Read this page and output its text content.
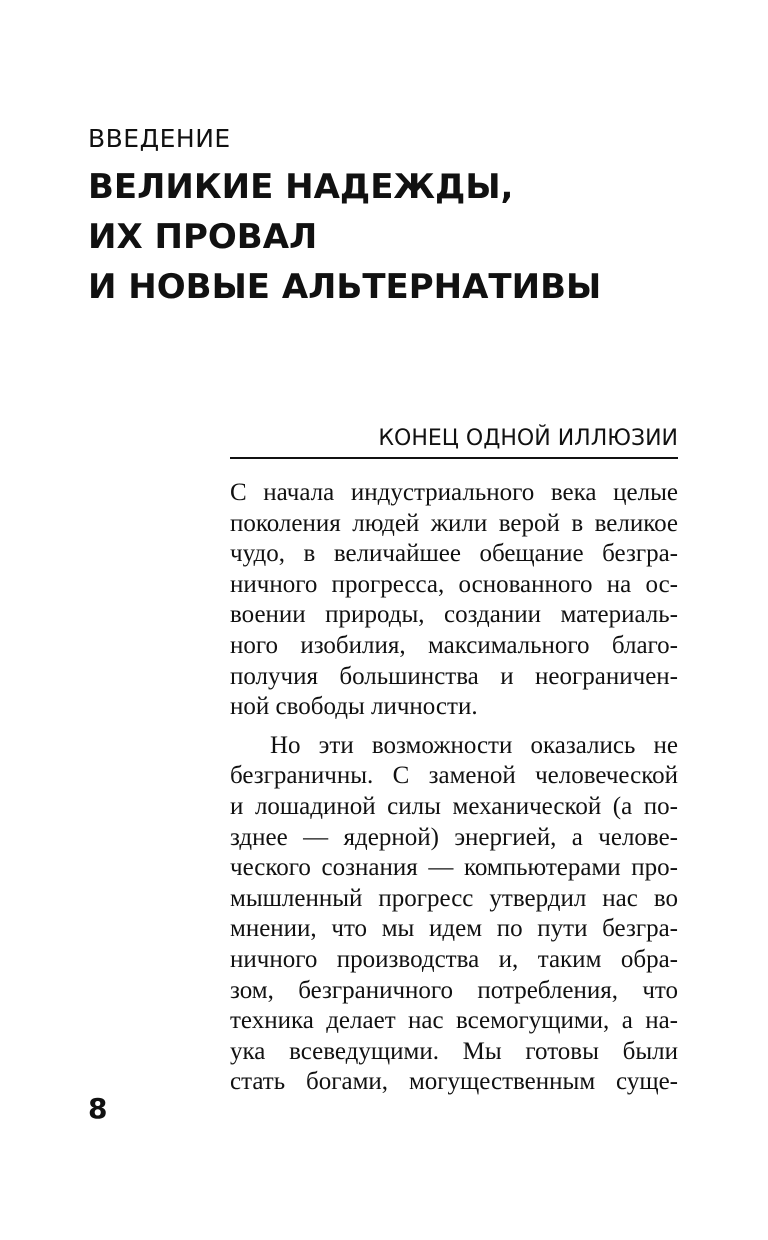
ВВЕДЕНИЕ
ВЕЛИКИЕ НАДЕЖДЫ,
ИХ ПРОВАЛ
И НОВЫЕ АЛЬТЕРНАТИВЫ
КОНЕЦ ОДНОЙ ИЛЛЮЗИИ

С начала индустриального века целые
поколения людей жили верой в великое
чудо, в величайшее обещание безгра-
ничного прогресса, основанного на ос-
воении природы, создании материаль-
ного изобилия, максимального благо-
получия большинства и неограничен-
ной свободы личности.

Но эти возможности оказались не
безграничны. С заменой человеческой
и лошадиной силы механической (а по-
зднее — ядерной) энергией, а челове-
ческого сознания — компьютерами про-
мышленный прогресс утвердил нас во
мнении, что мы идем по пути безгра-
ничного производства и, таким обра-
зом, безграничного потребления, что
техника делает нас всемогущими, а на-
ука всеведущими. Мы готовы были
стать богами, могущественным суще-

8
